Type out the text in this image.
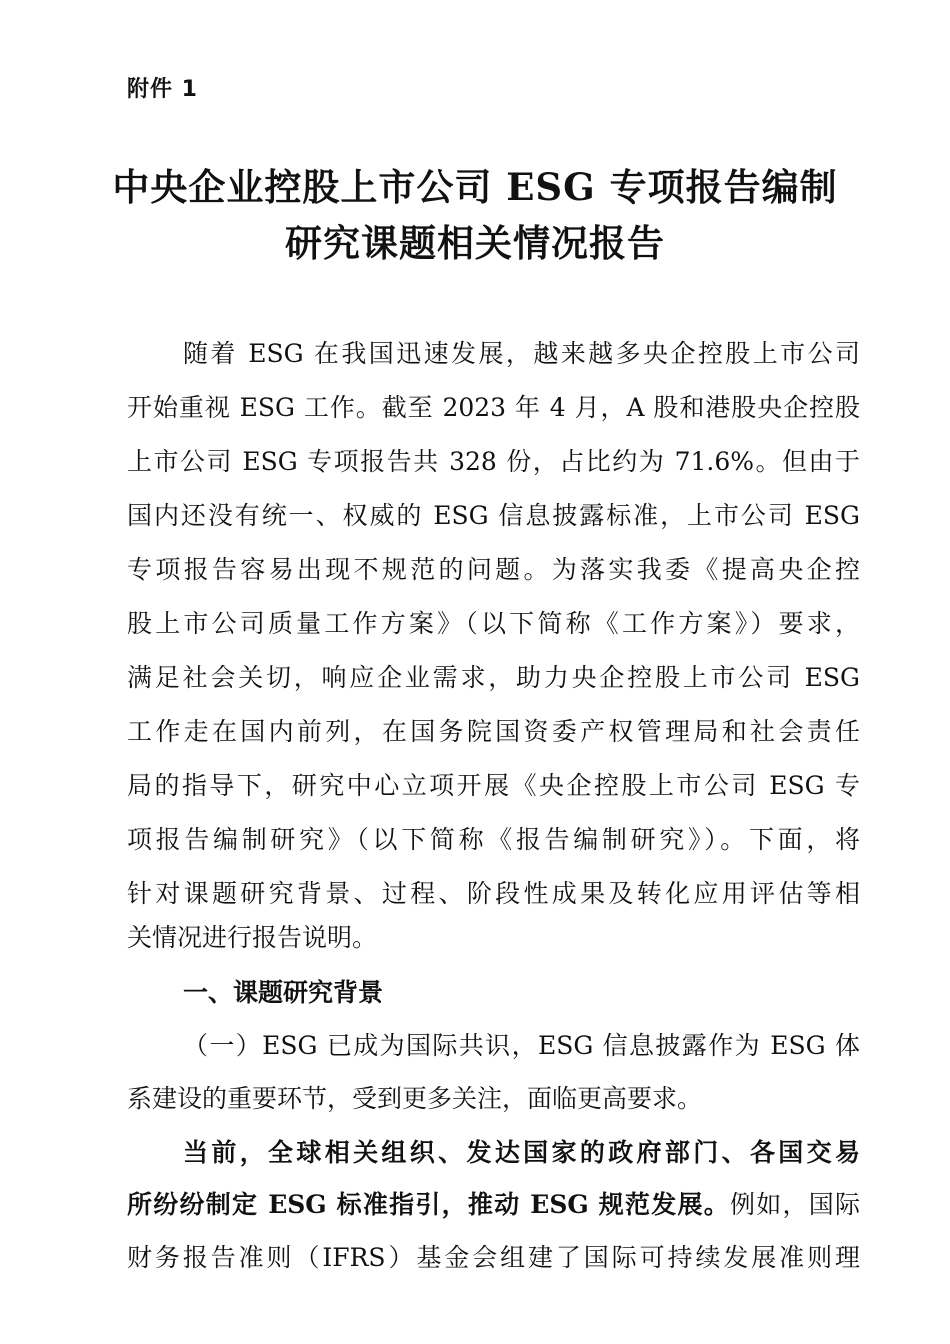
附件 1

中央企业控股上市公司 ESG 专项报告编制
研究课题相关情况报告

随着 ESG 在我国迅速发展，越来越多央企控股上市公司

开始重视 ESG 工作。截至 2023 年 4 月，A 股和港股央企控股

上市公司 ESG 专项报告共 328 份，占比约为 71.6%。但由于

国内还没有统一、权威的 ESG 信息披露标准，上市公司 ESG

专项报告容易出现不规范的问题。为落实我委《提高央企控

股上市公司质量工作方案》（以下简称《工作方案》）要求，

满足社会关切，响应企业需求，助力央企控股上市公司 ESG

工作走在国内前列，在国务院国资委产权管理局和社会责任

局的指导下，研究中心立项开展《央企控股上市公司 ESG 专

项报告编制研究》（以下简称《报告编制研究》）。下面，将

针对课题研究背景、过程、阶段性成果及转化应用评估等相

关情况进行报告说明。

一、课题研究背景

（一）ESG 已成为国际共识，ESG 信息披露作为 ESG 体

系建设的重要环节，受到更多关注，面临更高要求。

当前，全球相关组织、发达国家的政府部门、各国交易

所纷纷制定 ESG 标准指引，推动 ESG 规范发展。例如，国际

财务报告准则（IFRS）基金会组建了国际可持续发展准则理
